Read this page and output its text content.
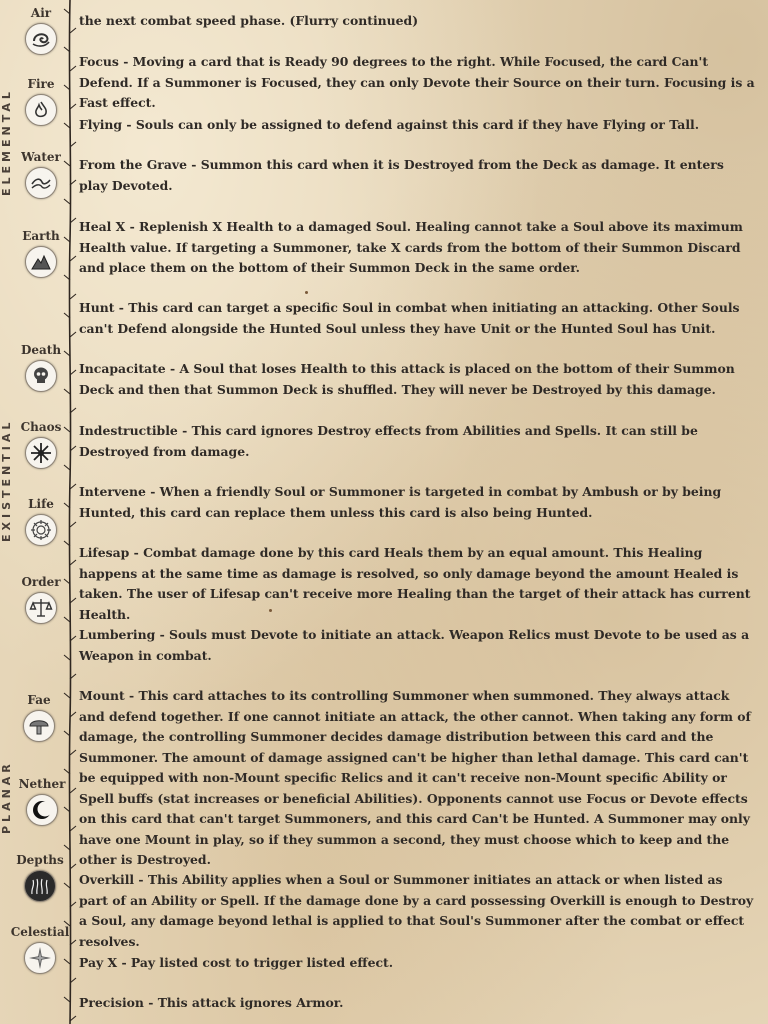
ELEMENTAL
EXISTENTIAL
PLANAR
Air
Fire
Water
Earth
Death
Chaos
Life
Order
Fae
Nether
Depths
Celestial
the next combat speed phase. (Flurry continued)
Focus - Moving a card that is Ready 90 degrees to the right. While Focused, the card Can't Defend. If a Summoner is Focused, they can only Devote their Source on their turn. Focusing is a Fast effect.
Flying - Souls can only be assigned to defend against this card if they have Flying or Tall.
From the Grave - Summon this card when it is Destroyed from the Deck as damage. It enters play Devoted.
Heal X - Replenish X Health to a damaged Soul. Healing cannot take a Soul above its maximum Health value. If targeting a Summoner, take X cards from the bottom of their Summon Discard and place them on the bottom of their Summon Deck in the same order.
Hunt - This card can target a specific Soul in combat when initiating an attacking. Other Souls can't Defend alongside the Hunted Soul unless they have Unit or the Hunted Soul has Unit.
Incapacitate - A Soul that loses Health to this attack is placed on the bottom of their Summon Deck and then that Summon Deck is shuffled. They will never be Destroyed by this damage.
Indestructible - This card ignores Destroy effects from Abilities and Spells. It can still be Destroyed from damage.
Intervene - When a friendly Soul or Summoner is targeted in combat by Ambush or by being Hunted, this card can replace them unless this card is also being Hunted.
Lifesap - Combat damage done by this card Heals them by an equal amount. This Healing happens at the same time as damage is resolved, so only damage beyond the amount Healed is taken. The user of Lifesap can't receive more Healing than the target of their attack has current Health.
Lumbering - Souls must Devote to initiate an attack. Weapon Relics must Devote to be used as a Weapon in combat.
Mount - This card attaches to its controlling Summoner when summoned. They always attack and defend together. If one cannot initiate an attack, the other cannot. When taking any form of damage, the controlling Summoner decides damage distribution between this card and the Summoner. The amount of damage assigned can't be higher than lethal damage. This card can't be equipped with non-Mount specific Relics and it can't receive non-Mount specific Ability or Spell buffs (stat increases or beneficial Abilities). Opponents cannot use Focus or Devote effects on this card that can't target Summoners, and this card Can't be Hunted. A Summoner may only have one Mount in play, so if they summon a second, they must choose which to keep and the other is Destroyed.
Overkill - This Ability applies when a Soul or Summoner initiates an attack or when listed as part of an Ability or Spell. If the damage done by a card possessing Overkill is enough to Destroy a Soul, any damage beyond lethal is applied to that Soul's Summoner after the combat or effect resolves.
Pay X - Pay listed cost to trigger listed effect.
Precision - This attack ignores Armor.
